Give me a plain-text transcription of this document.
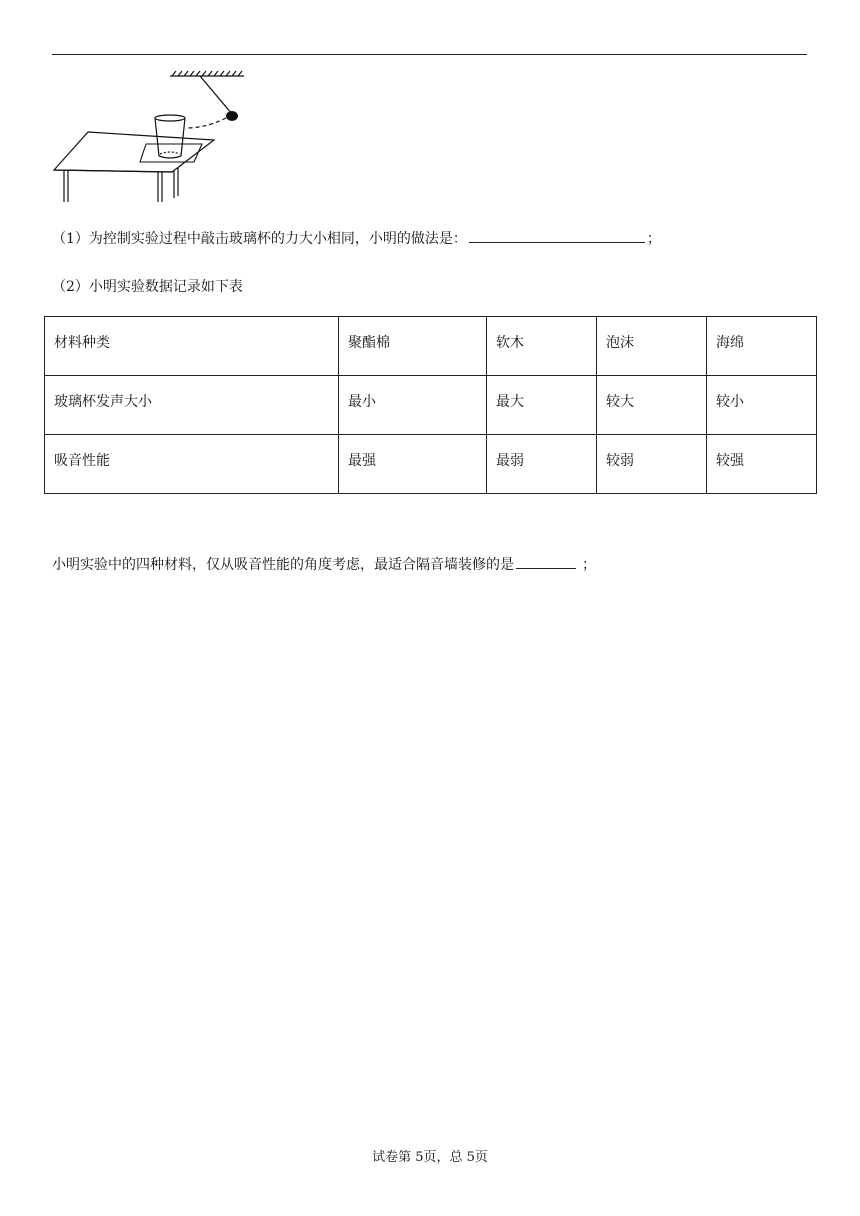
（1）为控制实验过程中敲击玻璃杯的力大小相同，小明的做法是：	；
（2）小明实验数据记录如下表
材料种类	聚酯棉	软木	泡沫	海绵
玻璃杯发声大小	最小	最大	较大	较小
吸音性能	最强	最弱	较弱	较强
小明实验中的四种材料，仅从吸音性能的角度考虑，最适合隔音墙装修的是	；
试卷第 5页，总 5页
